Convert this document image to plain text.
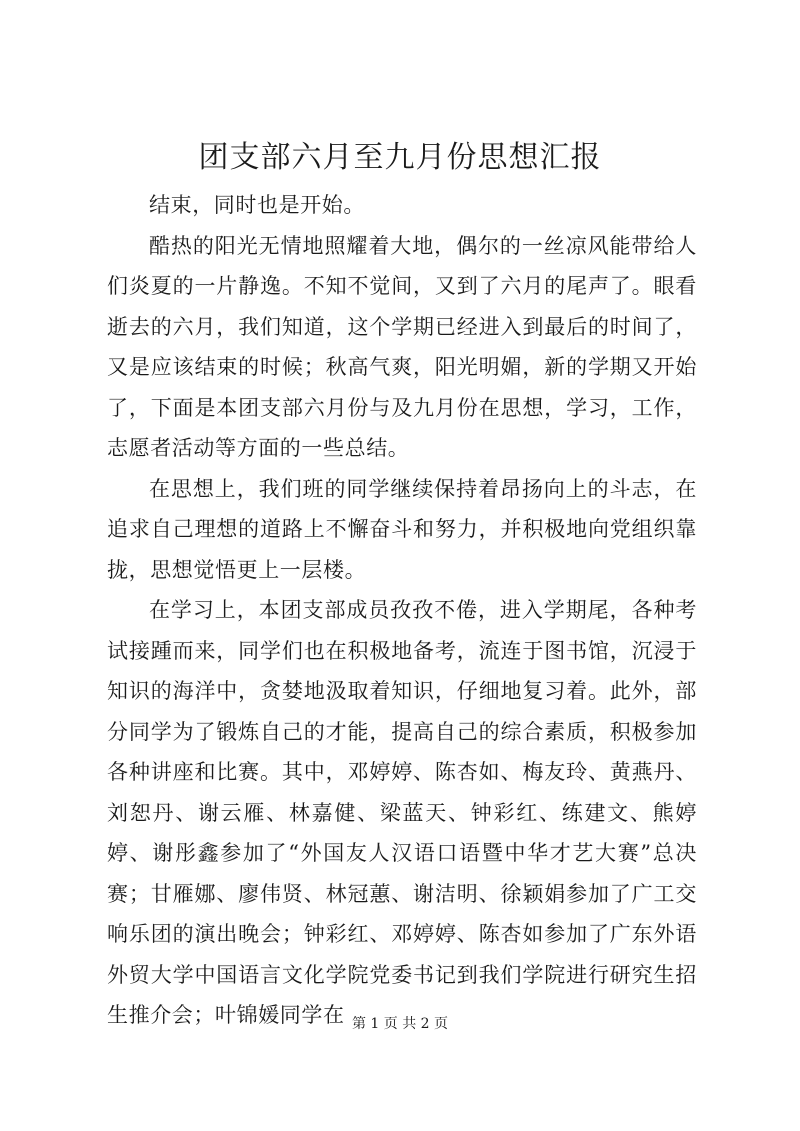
团支部六月至九月份思想汇报

结束，同时也是开始。

酷热的阳光无情地照耀着大地，偶尔的一丝凉风能带给人们炎夏的一片静逸。不知不觉间，又到了六月的尾声了。眼看逝去的六月，我们知道，这个学期已经进入到最后的时间了，又是应该结束的时候；秋高气爽，阳光明媚，新的学期又开始了，下面是本团支部六月份与及九月份在思想，学习，工作，志愿者活动等方面的一些总结。

在思想上，我们班的同学继续保持着昂扬向上的斗志，在追求自己理想的道路上不懈奋斗和努力，并积极地向党组织靠拢，思想觉悟更上一层楼。

在学习上，本团支部成员孜孜不倦，进入学期尾，各种考试接踵而来，同学们也在积极地备考，流连于图书馆，沉浸于知识的海洋中，贪婪地汲取着知识，仔细地复习着。此外，部分同学为了锻炼自己的才能，提高自己的综合素质，积极参加各种讲座和比赛。其中，邓婷婷、陈杏如、梅友玲、黄燕丹、刘恕丹、谢云雁、林嘉健、梁蓝天、钟彩红、练建文、熊婷婷、谢彤鑫参加了“外国友人汉语口语暨中华才艺大赛”总决赛；甘雁娜、廖伟贤、林冠蕙、谢洁明、徐颖娟参加了广工交响乐团的演出晚会；钟彩红、邓婷婷、陈杏如参加了广东外语外贸大学中国语言文化学院党委书记到我们学院进行研究生招生推介会；叶锦媛同学在 第 1 页 共 2 页
